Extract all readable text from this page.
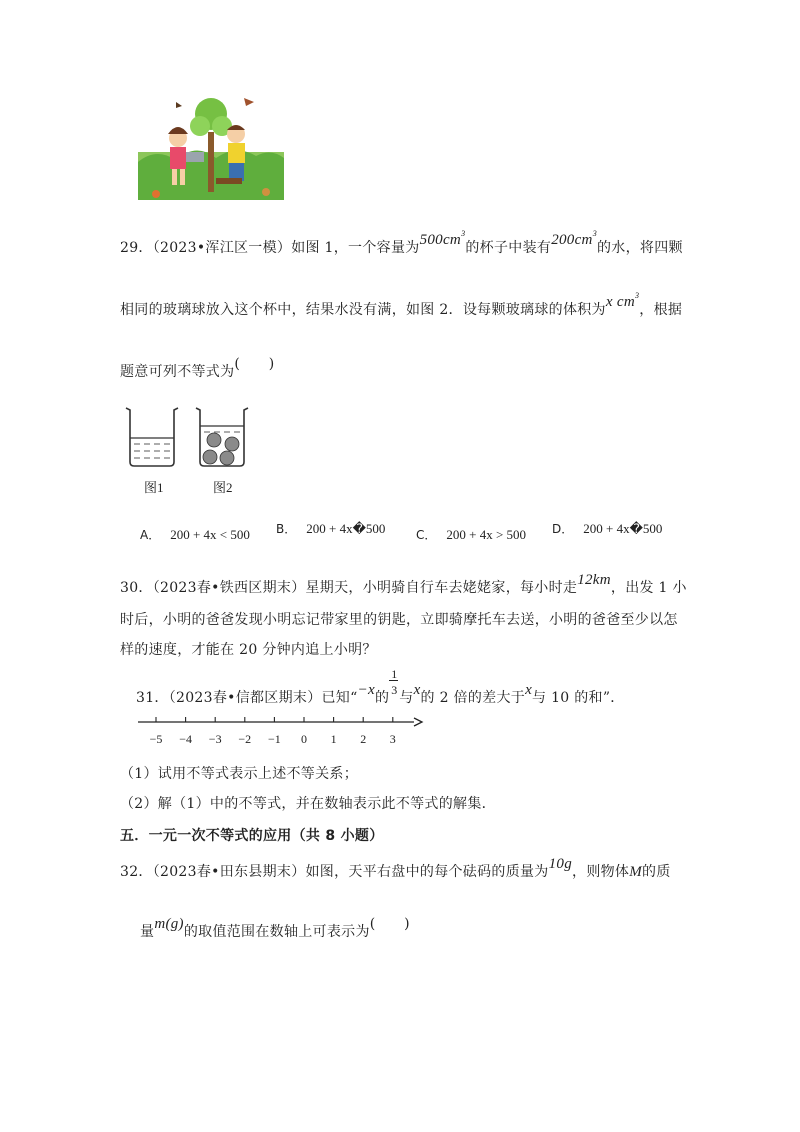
29．（2023•浑江区一模）如图 1，一个容量为$500cm^3$的杯子中装有$200cm^3$的水，将四颗
相同的玻璃球放入这个杯中，结果水没有满，如图 2．设每颗玻璃球的体积为x $cm^3$，根据
题意可列不等式为(　　)
图1	图2
A． 200 + 4x < 500 B． 200 + 4x�500	C． 200 + 4x > 500 D． 200 + 4x�500
30．（2023春•铁西区期末）星期天，小明骑自行车去姥姥家，每小时走12km，出发 1 小
时后，小明的爸爸发现小明忘记带家里的钥匙，立即骑摩托车去送，小明的爸爸至少以怎
样的速度，才能在 20 分钟内追上小明？
31．（2023春•信都区期末）已知“−x的 $\frac{1}{3}$ 与x的 2 倍的差大于x与 10 的和”．
−5 −4 −3 −2 −1 0 1 2 3
（1）试用不等式表示上述不等关系；
（2）解（1）中的不等式，并在数轴表示此不等式的解集．
五．一元一次不等式的应用（共 8 小题）
32．（2023春•田东县期末）如图，天平右盘中的每个砝码的质量为10g，则物体M的质
量m(g)的取值范围在数轴上可表示为(　　)
